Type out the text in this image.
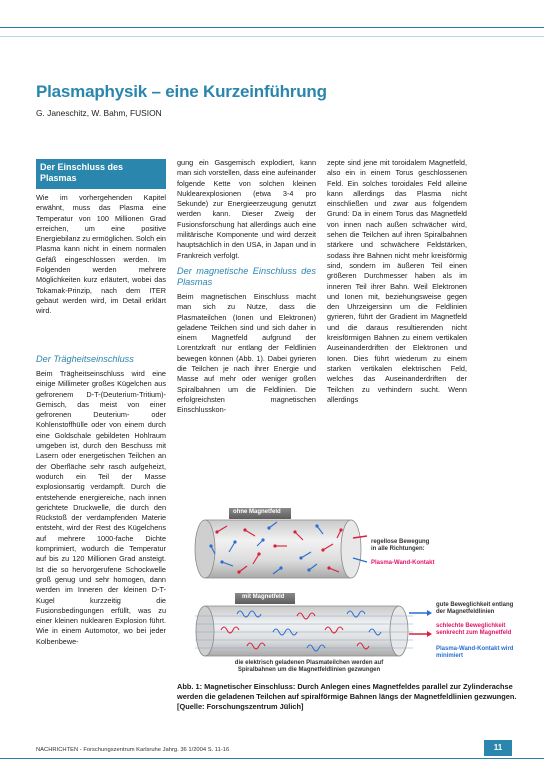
Plasmaphysik – eine Kurzeinführung
G. Janeschitz, W. Bahm, FUSION
Der Einschluss des Plasmas

Wie im vorhergehenden Kapitel erwähnt, muss das Plasma eine Temperatur von 100 Millionen Grad erreichen, um eine positive Energiebilanz zu ermöglichen. Solch ein Plasma kann nicht in einem normalen Gefäß eingeschlossen werden. Im Folgenden werden mehrere Möglichkeiten kurz erläutert, wobei das Tokamak-Prinzip, nach dem ITER gebaut werden wird, im Detail erklärt wird.

Der Trägheitseinschluss

Beim Trägheitseinschluss wird eine einige Millimeter großes Kügelchen aus gefrorenem D-T-(Deuterium-Tritium)-Gemisch, das meist von einer gefrorenen Deuterium- oder Kohlenstoffhülle oder von einem durch eine Goldschale gebildeten Hohlraum umgeben ist, durch den Beschuss mit Lasern oder energetischen Teilchen an der Oberfläche sehr rasch aufgeheizt, wodurch ein Teil der Masse explosionsartig verdampft. Durch die entstehende energiereiche, nach innen gerichtete Druckwelle, die durch den Rückstoß der verdampfenden Materie entsteht, wird der Rest des Kügelchens auf mehrere 1000-fache Dichte komprimiert, wodurch die Temperatur auf bis zu 120 Millionen Grad ansteigt. Ist die so hervorgerufene Schockwelle groß genug und sehr homogen, dann werden im Inneren der kleinen D-T-Kugel kurzzeitig die Fusionsbedingungen erfüllt, was zu einer kleinen nuklearen Explosion führt. Wie in einem Automotor, wo bei jeder Kolbenbewe-

gung ein Gasgemisch explodiert, kann man sich vorstellen, dass eine aufeinander folgende Kette von solchen kleinen Nuklearexplosionen (etwa 3-4 pro Sekunde) zur Energieerzeugung genutzt werden kann. Dieser Zweig der Fusionsforschung hat allerdings auch eine militärische Komponente und wird derzeit hauptsächlich in den USA, in Japan und in Frankreich verfolgt.

Der magnetische Einschluss des Plasmas

Beim magnetischen Einschluss macht man sich zu Nutze, dass die Plasmateilchen (Ionen und Elektronen) geladene Teilchen sind und sich daher in einem Magnetfeld aufgrund der Lorentzkraft nur entlang der Feldlinien bewegen können (Abb. 1). Dabei gyrieren die Teilchen je nach ihrer Energie und Masse auf mehr oder weniger großen Spiralbahnen um die Feldlinien. Die erfolgreichsten magnetischen Einschlusskon-

zepte sind jene mit toroidalem Magnetfeld, also ein in einem Torus geschlossenen Feld. Ein solches toroidales Feld alleine kann allerdings das Plasma nicht einschließen und zwar aus folgendem Grund: Da in einem Torus das Magnetfeld von innen nach außen schwächer wird, sehen die Teilchen auf ihren Spiralbahnen stärkere und schwächere Feldstärken, sodass ihre Bahnen nicht mehr kreisförmig sind, sondern im äußeren Teil einen größeren Durchmesser haben als im inneren Teil ihrer Bahn. Weil Elektronen und Ionen mit, beziehungsweise gegen den Uhrzeigersinn um die Feldlinien gyrieren, führt der Gradient im Magnetfeld und die daraus resultierenden nicht kreisförmigen Bahnen zu einem vertikalen Auseinanderdriften der Elektronen und Ionen. Dies führt wiederum zu einem starken vertikalen elektrischen Feld, welches das Auseinanderdriften der Teilchen zu verhindern sucht. Wenn allerdings

ohne Magnetfeld
mit Magnetfeld
regellose Bewegung
in alle Richtungen:
Plasma-Wand-Kontakt
gute Beweglichkeit entlang
der Magnetfeldlinien
schlechte Beweglichkeit
senkrecht zum Magnetfeld
Plasma-Wand-Kontakt wird
minimiert
die elektrisch geladenen Plasmateilchen werden auf
Spiralbahnen um die Magnetfeldlinien gezwungen
Abb. 1: Magnetischer Einschluss: Durch Anlegen eines Magnetfeldes parallel zur Zylinderachse werden die geladenen Teilchen auf spiralförmige Bahnen längs der Magnetfeldlinien gezwungen. [Quelle: Forschungszentrum Jülich]
NACHRICHTEN - Forschungszentrum Karlsruhe Jahrg. 36 1/2004 S. 11-16	11
